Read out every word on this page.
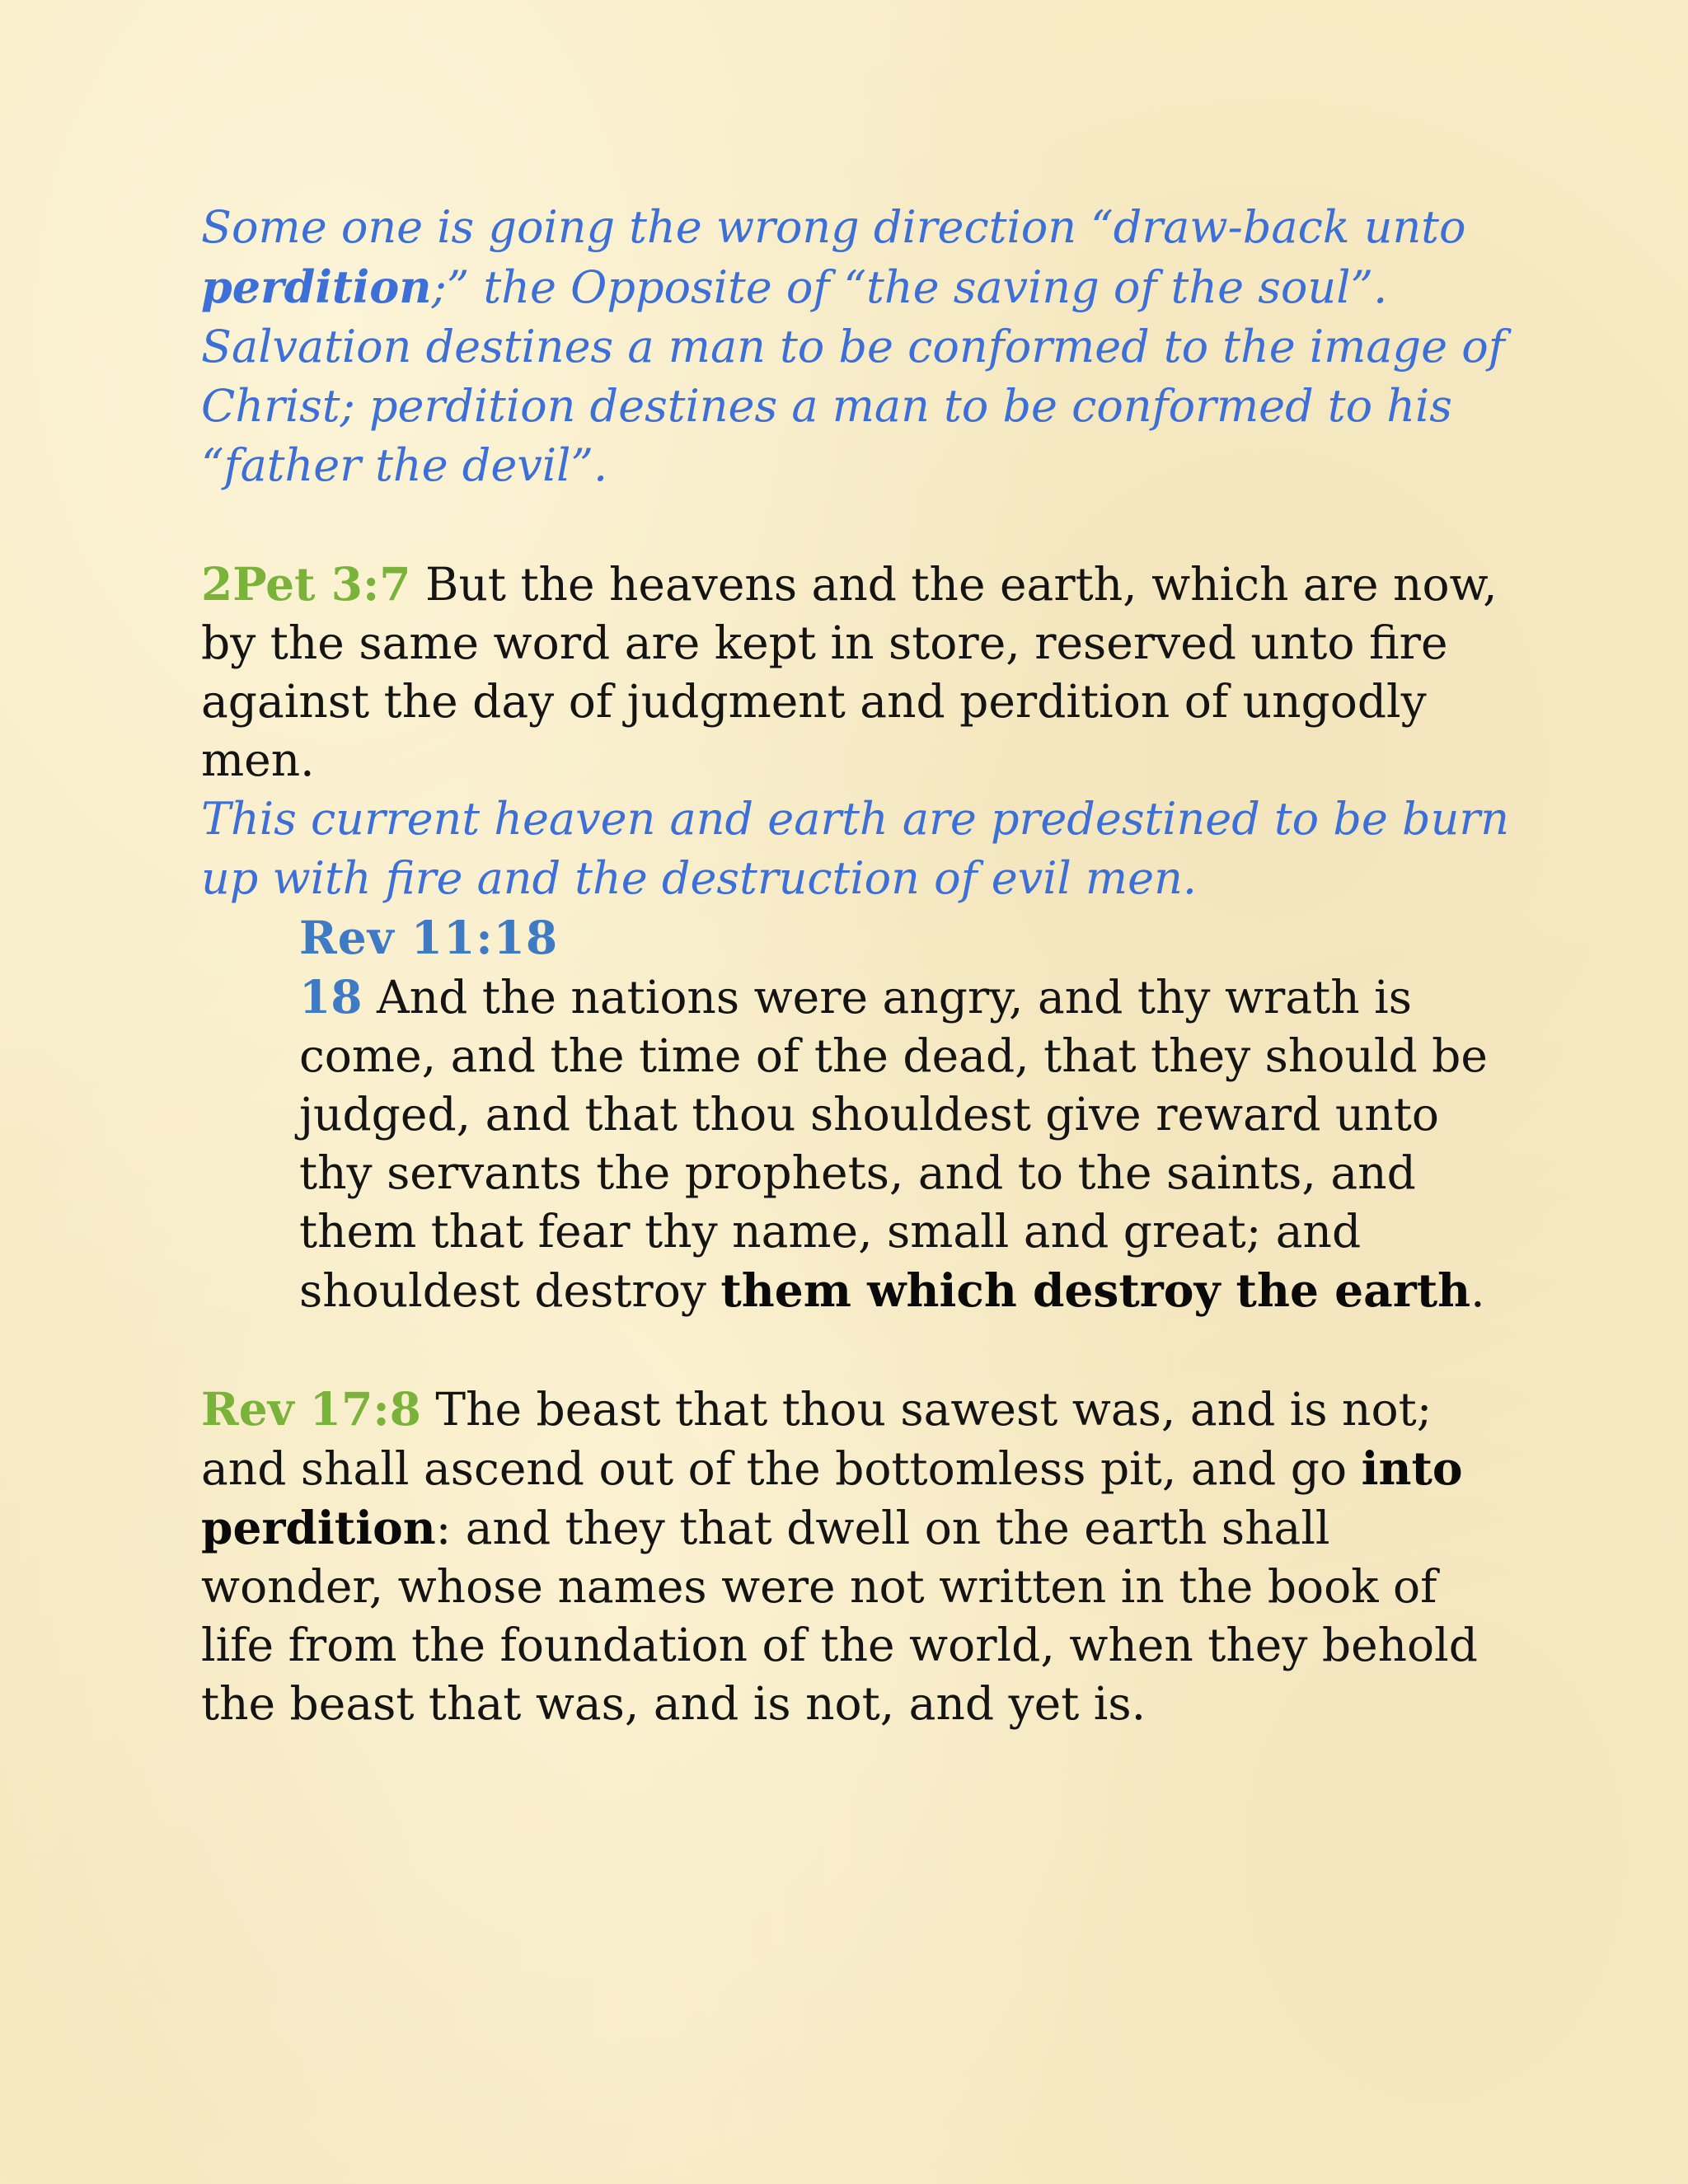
Some one is going the wrong direction “draw-back unto perdition;” the Opposite of “the saving of the soul”.

Salvation destines a man to be conformed to the image of Christ; perdition destines a man to be conformed to his “father the devil”.

2Pet 3:7 But the heavens and the earth, which are now, by the same word are kept in store, reserved unto fire against the day of judgment and perdition of ungodly men.

This current heaven and earth are predestined to be burn up with fire and the destruction of evil men.

Rev 11:18

18 And the nations were angry, and thy wrath is come, and the time of the dead, that they should be judged, and that thou shouldest give reward unto thy servants the prophets, and to the saints, and them that fear thy name, small and great; and shouldest destroy them which destroy the earth.

Rev 17:8 The beast that thou sawest was, and is not; and shall ascend out of the bottomless pit, and go into perdition: and they that dwell on the earth shall wonder, whose names were not written in the book of life from the foundation of the world, when they behold the beast that was, and is not, and yet is.
